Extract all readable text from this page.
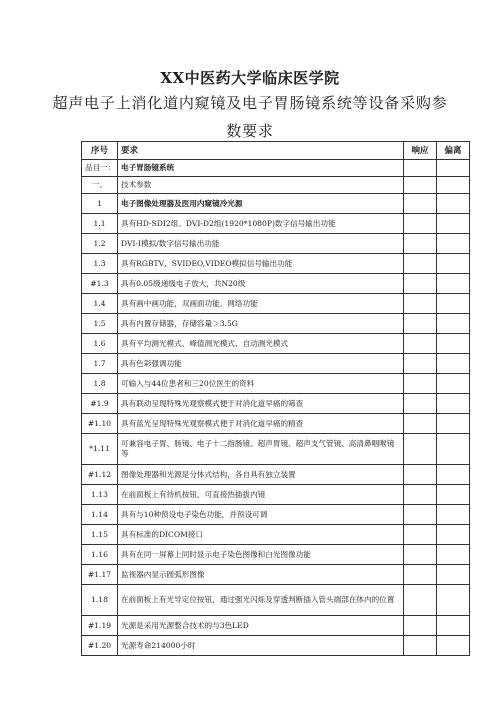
XX中医药大学临床医学院
超声电子上消化道内窥镜及电子胃肠镜系统等设备采购参
数要求
序号	要求	响应	偏离
品目一：	电子胃肠镜系统		
一、	技术参数		
1	电子图像处理器及医用内窥镜冷光源		
1.1	具有HD-SDI2组、DVI-D2组(1920*1080P)数字信号输出功能		
1.2	DVI-I模拟/数字信号输出功能		
1.3	具有RGBTV、SVIDEO,VIDEO模拟信号输出功能		
#1.3	具有0.05级递级电子放大，共N20级		
1.4	具有画中画功能，双画面功能，网络功能		
1.5	具有内置存储器，存储容量＞3.5G		
1.6	具有平均测光模式、峰值测光模式、自动测光模式		
1.7	具有色彩强调功能		
1.8	可输入与44位患者和三20位医生的资料		
#1.9	具有联动呈现特殊光观察模式便于对消化道早癌的筛查		
#1.10	具有蓝光呈现特殊光观察模式便于对消化道早癌的精查		
*1.11	可兼容电子胃、肠镜、电子十二指肠镜、超声胃镜、超声支气管镜、高清鼻咽喉镜等		
#1.12	图像处理器和光源是分体式结构，各自具有独立装置		
1.13	在前面板上有待机按钮，可直接热插拔内镜		
1.14	具有与10种预设电子染色功能，并预设可调		
1.15	具有标准的DICOM接口		
1.16	具有在同一屏幕上同时显示电子染色图像和白光图像功能		
#1.17	监视器内显示圆弧形图像		
1.18	在前面板上有光导定位按钮，通过强光闪烁及穿透判断插入管头端部在体内的位置		
#1.19	光源是采用光源整合技术的与3色LED		
#1.20	光源寿命214000小时		
